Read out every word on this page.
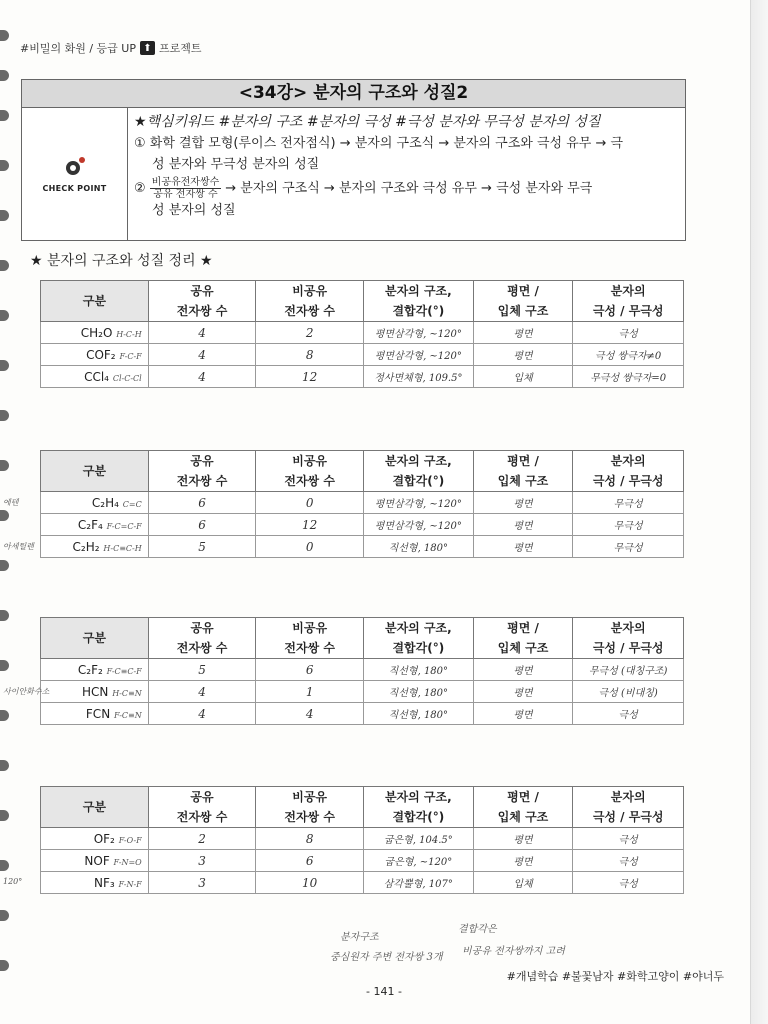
#비밀의 화원 / 등급 UP ⬆ 프로젝트
<34강> 분자의 구조와 성질2
CHECK POINT
★핵심키워드 #분자의 구조 #분자의 극성 #극성 분자와 무극성 분자의 성질
① 화학 결합 모형(루이스 전자점식) → 분자의 구조식 → 분자의 구조와 극성 유무 → 극
성 분자와 무극성 분자의 성질
② $\frac{\text{비공유전자쌍수}}{\text{공유 전자쌍 수}}$ → 분자의 구조식 → 분자의 구조와 극성 유무 → 극성 분자와 무극
성 분자의 성질
★ 분자의 구조와 성질 정리 ★
구분	공유	비공유	분자의 구조,	평면 /	분자의
	전자쌍 수	전자쌍 수	결합각(°)	입체 구조	극성 / 무극성
CH₂O H-C-H	4	2	평면삼각형, ~120°	평면	극성
COF₂ F-C-F	4	8	평면삼각형, ~120°	평면	극성 쌍극자≠0
CCl₄ Cl-C-Cl	4	12	정사면체형, 109.5°	입체	무극성 쌍극자=0
구분	공유	비공유	분자의 구조,	평면 /	분자의
	전자쌍 수	전자쌍 수	결합각(°)	입체 구조	극성 / 무극성

에텐 C₂H₄ C=C	6	0	평면삼각형, ~120°	평면	무극성
C₂F₄ F-C=C-F	6	12	평면삼각형, ~120°	평면	무극성

아세틸렌 C₂H₂ H-C≡C-H	5	0	직선형, 180°	평면	무극성
구분	공유	비공유	분자의 구조,	평면 /	분자의
	전자쌍 수	전자쌍 수	결합각(°)	입체 구조	극성 / 무극성
C₂F₂ F-C≡C-F	5	6	직선형, 180°	평면	무극성 (대칭구조)

사이안화수소 HCN H-C≡N	4	1	직선형, 180°	평면	극성 (비대칭)
FCN F-C≡N	4	4	직선형, 180°	평면	극성
구분	공유	비공유	분자의 구조,	평면 /	분자의
	전자쌍 수	전자쌍 수	결합각(°)	입체 구조	극성 / 무극성
OF₂ F-O-F	2	8	굽은형, 104.5°	평면	극성
NOF F-N=O	3	6	굽은형, ~120°	평면	극성

120° NF₃ F-N-F	3	10	삼각뿔형, 107°	입체	극성
분자구조
중심원자 주변 전자쌍 3개
결합각은
비공유 전자쌍까지 고려
#개념학습 #불꽃남자 #화학고양이 #야너두
- 141 -
